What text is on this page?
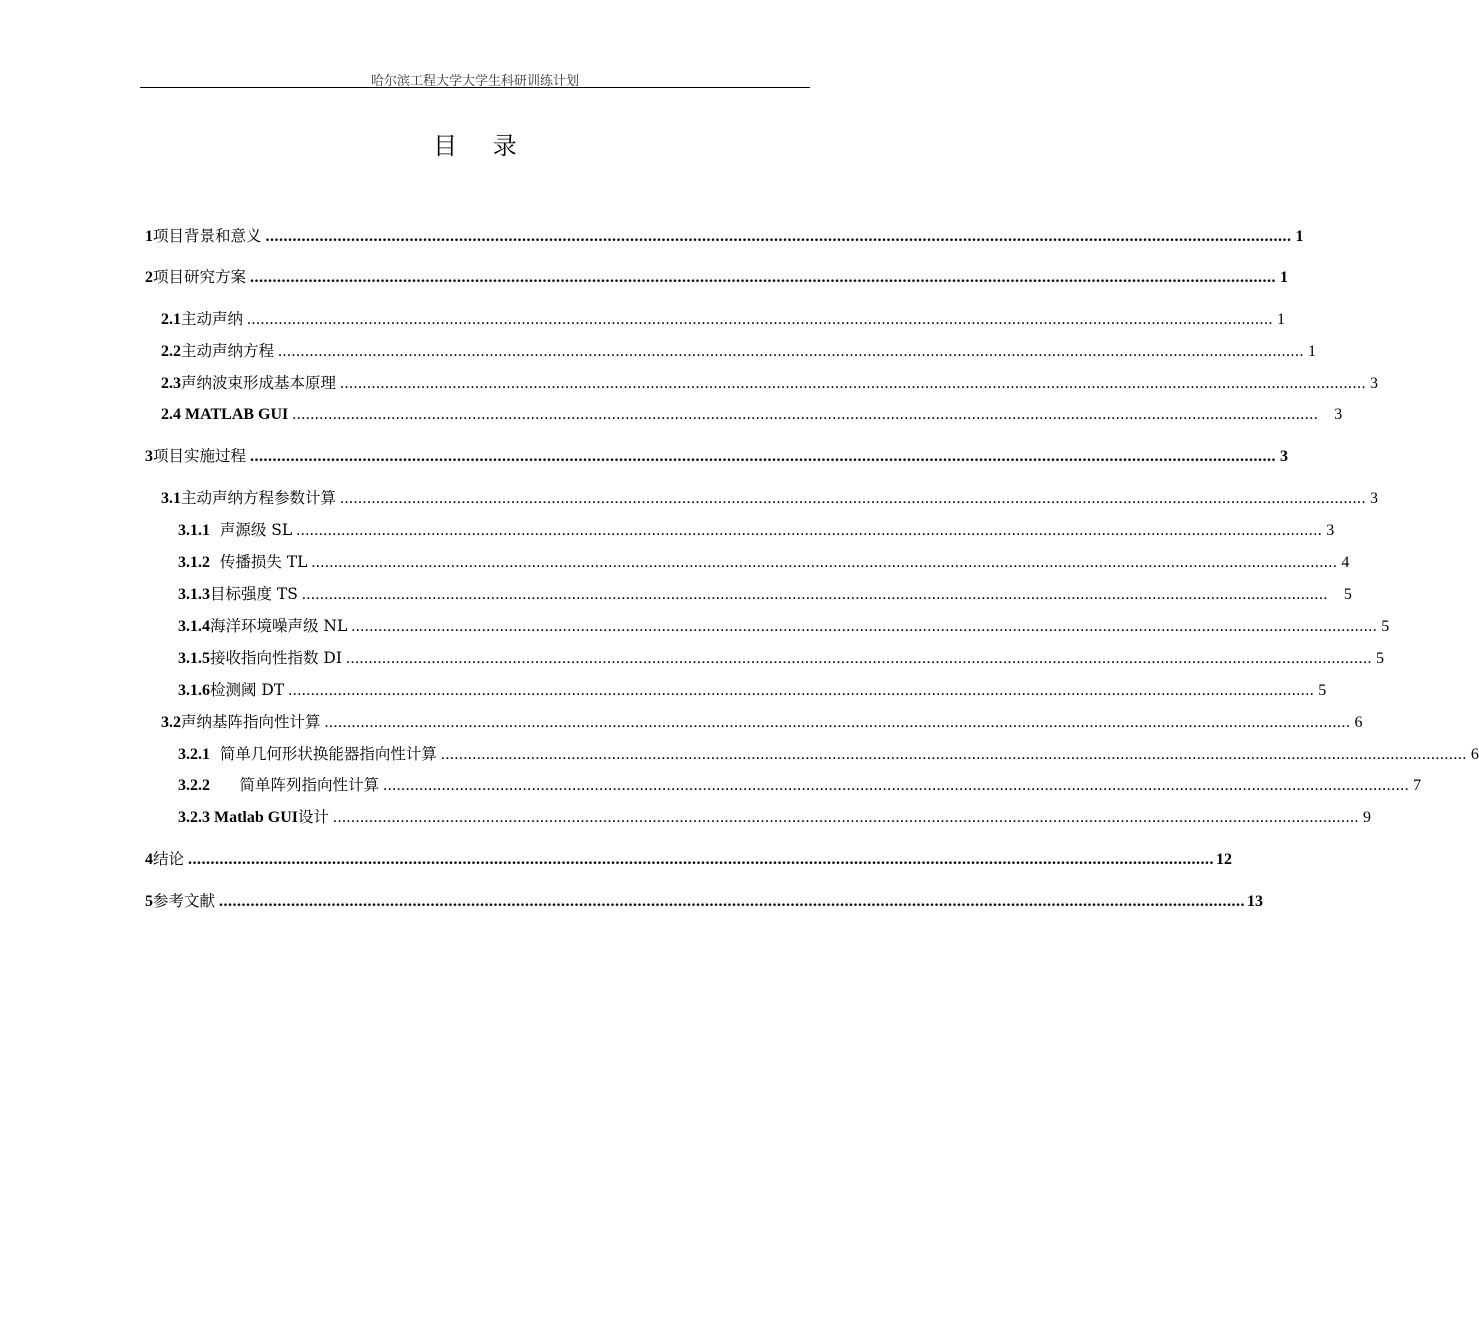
哈尔滨工程大学大学生科研训练计划
目 录
1 项目背景和意义 .................................................................................................................................................................................................................................... 1
2 项目研究方案 .................................................................................................................................................................................................................................... 1
2.1 主动声纳 .................................................................................................................................................................................................................................... 1
2.2 主动声纳方程 .................................................................................................................................................................................................................................... 1
2.3 声纳波束形成基本原理 .................................................................................................................................................................................................................................... 3
2.4 MATLAB GUI .................................................................................................................................................................................................................................... 3
3 项目实施过程 .................................................................................................................................................................................................................................... 3
3.1 主动声纳方程参数计算 .................................................................................................................................................................................................................................... 3
3.1.1 声源级 SL .................................................................................................................................................................................................................................... 3
3.1.2 传播损失 TL .................................................................................................................................................................................................................................... 4
3.1.3 目标强度 TS .................................................................................................................................................................................................................................... 5
3.1.4 海洋环境噪声级 NL .................................................................................................................................................................................................................................... 5
3.1.5 接收指向性指数 DI .................................................................................................................................................................................................................................... 5
3.1.6 检测阈 DT .................................................................................................................................................................................................................................... 5
3.2 声纳基阵指向性计算 .................................................................................................................................................................................................................................... 6
3.2.1 简单几何形状换能器指向性计算 .................................................................................................................................................................................................................................... 6
3.2.2 简单阵列指向性计算 .................................................................................................................................................................................................................................... 7
3.2.3 Matlab GUI 设计 .................................................................................................................................................................................................................................... 9
4 结论 .................................................................................................................................................................................................................................... 12
5 参考文献 .................................................................................................................................................................................................................................... 13
